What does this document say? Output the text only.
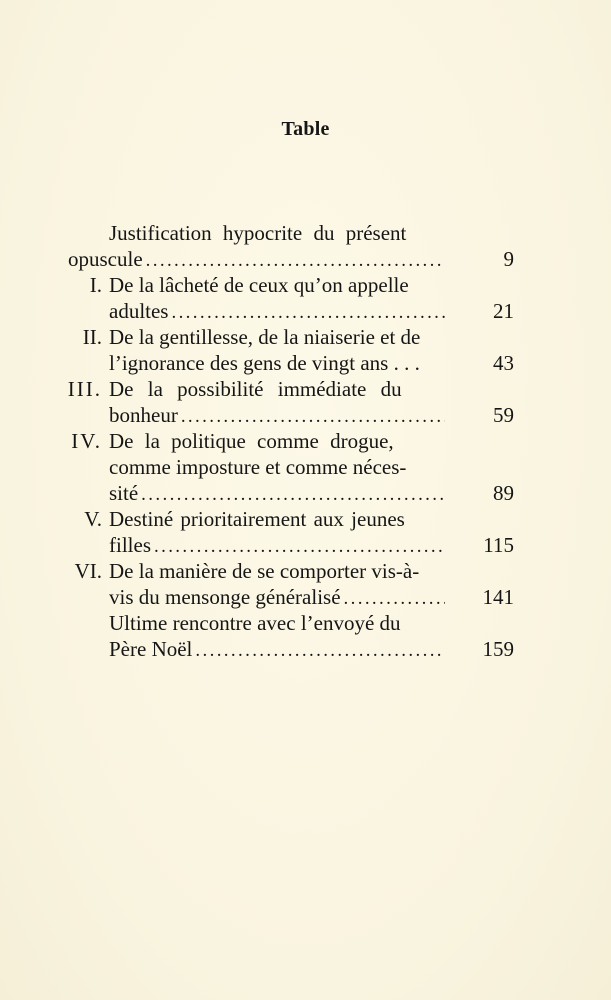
Table
Justification hypocrite du présent
opuscule . . .	9
I. De la lâcheté de ceux qu’on appelle
adultes . . .	21
II. De la gentillesse, de la niaiserie et de
l’ignorance des gens de vingt ans . . .	43
III. De la possibilité immédiate du
bonheur . . .	59
IV. De la politique comme drogue,
comme imposture et comme néces-
sité . . .	89
V. Destiné prioritairement aux jeunes
filles . . .	115
VI. De la manière de se comporter vis-à-
vis du mensonge généralisé . . .	141
Ultime rencontre avec l’envoyé du
Père Noël . . .	159
